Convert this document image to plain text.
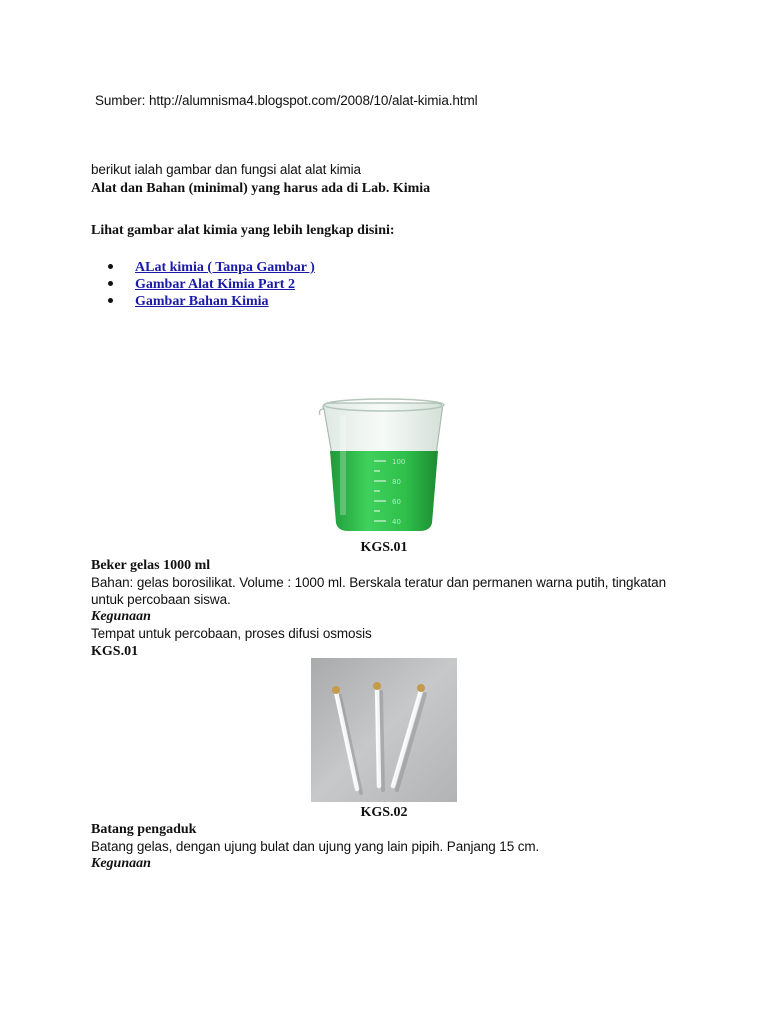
Sumber: http://alumnisma4.blogspot.com/2008/10/alat-kimia.html
berikut ialah gambar dan fungsi alat alat kimia
Alat dan Bahan (minimal) yang harus ada di Lab. Kimia
Lihat gambar alat kimia yang lebih lengkap disini:
ALat kimia ( Tanpa Gambar )
Gambar Alat Kimia Part 2
Gambar Bahan Kimia
100
80
60
40
KGS.01
Beker gelas 1000 ml
Bahan: gelas borosilikat. Volume : 1000 ml. Berskala teratur dan permanen warna putih, tingkatan
untuk percobaan siswa.
Kegunaan
Tempat untuk percobaan, proses difusi osmosis
KGS.01
KGS.02
Batang pengaduk
Batang gelas, dengan ujung bulat dan ujung yang lain pipih. Panjang 15 cm.
Kegunaan
